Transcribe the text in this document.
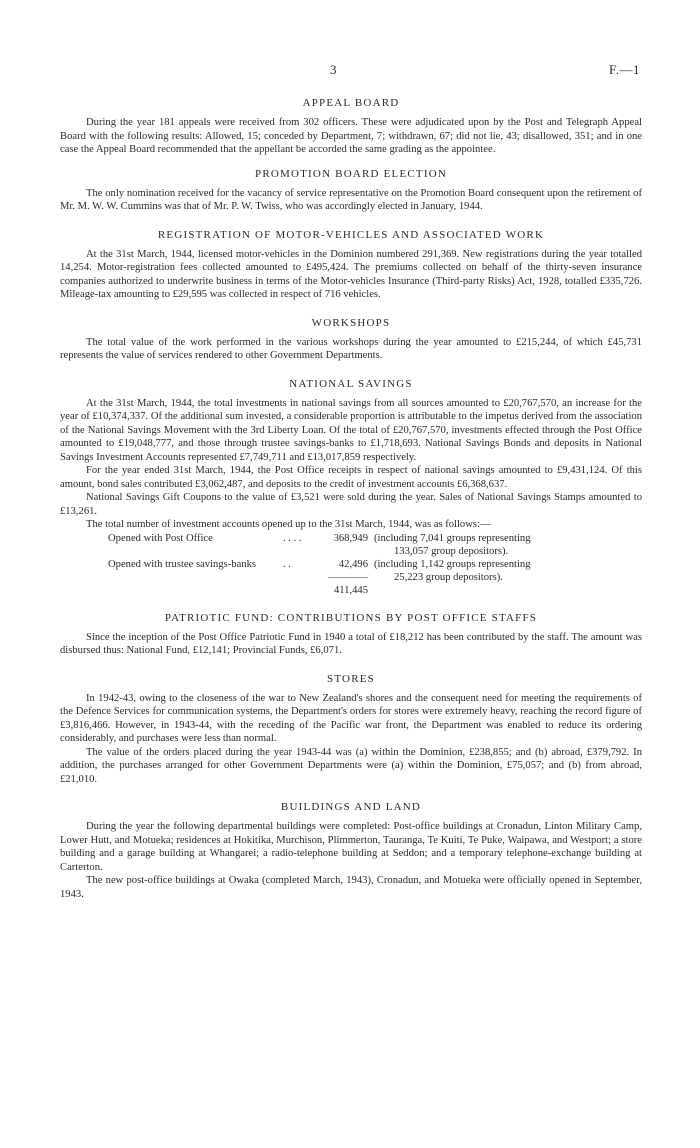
3	F.—1
APPEAL BOARD

During the year 181 appeals were received from 302 officers. These were adjudicated upon by the Post and Telegraph Appeal Board with the following results: Allowed, 15; conceded by Department, 7; withdrawn, 67; did not lie, 43; disallowed, 351; and in one case the Appeal Board recommended that the appellant be accorded the same grading as the appointee.

PROMOTION BOARD ELECTION

The only nomination received for the vacancy of service representative on the Promotion Board consequent upon the retirement of Mr. M. W. W. Cummins was that of Mr. P. W. Twiss, who was accordingly elected in January, 1944.

REGISTRATION OF MOTOR-VEHICLES AND ASSOCIATED WORK

At the 31st March, 1944, licensed motor-vehicles in the Dominion numbered 291,369. New registrations during the year totalled 14,254. Motor-registration fees collected amounted to £495,424. The premiums collected on behalf of the thirty-seven insurance companies authorized to underwrite business in terms of the Motor-vehicles Insurance (Third-party Risks) Act, 1928, totalled £335,726. Mileage-tax amounting to £29,595 was collected in respect of 716 vehicles.

WORKSHOPS

The total value of the work performed in the various workshops during the year amounted to £215,244, of which £45,731 represents the value of services rendered to other Government Departments.

NATIONAL SAVINGS

At the 31st March, 1944, the total investments in national savings from all sources amounted to £20,767,570, an increase for the year of £10,374,337. Of the additional sum invested, a considerable proportion is attributable to the impetus derived from the association of the National Savings Movement with the 3rd Liberty Loan. Of the total of £20,767,570, investments effected through the Post Office amounted to £19,048,777, and those through trustee savings-banks to £1,718,693. National Savings Bonds and deposits in National Savings Investment Accounts represented £7,749,711 and £13,017,859 respectively.

For the year ended 31st March, 1944, the Post Office receipts in respect of national savings amounted to £9,431,124. Of this amount, bond sales contributed £3,062,487, and deposits to the credit of investment accounts £6,368,637.

National Savings Gift Coupons to the value of £3,521 were sold during the year. Sales of National Savings Stamps amounted to £13,261.

The total number of investment accounts opened up to the 31st March, 1944, was as follows:—

Opened with Post Office	. . . .	368,949	(including 7,041 groups representing
			133,057 group depositors).
Opened with trustee savings-banks	. .	42,496	(including 1,142 groups representing
			25,223 group depositors).
		411,445	
PATRIOTIC FUND: CONTRIBUTIONS BY POST OFFICE STAFFS

Since the inception of the Post Office Patriotic Fund in 1940 a total of £18,212 has been contributed by the staff. The amount was disbursed thus: National Fund, £12,141; Provincial Funds, £6,071.

STORES

In 1942-43, owing to the closeness of the war to New Zealand's shores and the consequent need for meeting the requirements of the Defence Services for communication systems, the Department's orders for stores were extremely heavy, reaching the record figure of £3,816,466. However, in 1943-44, with the receding of the Pacific war front, the Department was enabled to reduce its ordering considerably, and purchases were less than normal.

The value of the orders placed during the year 1943-44 was (a) within the Dominion, £238,855; and (b) abroad, £379,792. In addition, the purchases arranged for other Government Departments were (a) within the Dominion, £75,057; and (b) from abroad, £21,010.

BUILDINGS AND LAND

During the year the following departmental buildings were completed: Post-office buildings at Cronadun, Linton Military Camp, Lower Hutt, and Motueka; residences at Hokitika, Murchison, Plimmerton, Tauranga, Te Kuiti, Te Puke, Waipawa, and Westport; a store building and a garage building at Whangarei; a radio-telephone building at Seddon; and a temporary telephone-exchange building at Carterton.

The new post-office buildings at Owaka (completed March, 1943), Cronadun, and Motueka were officially opened in September, 1943.
